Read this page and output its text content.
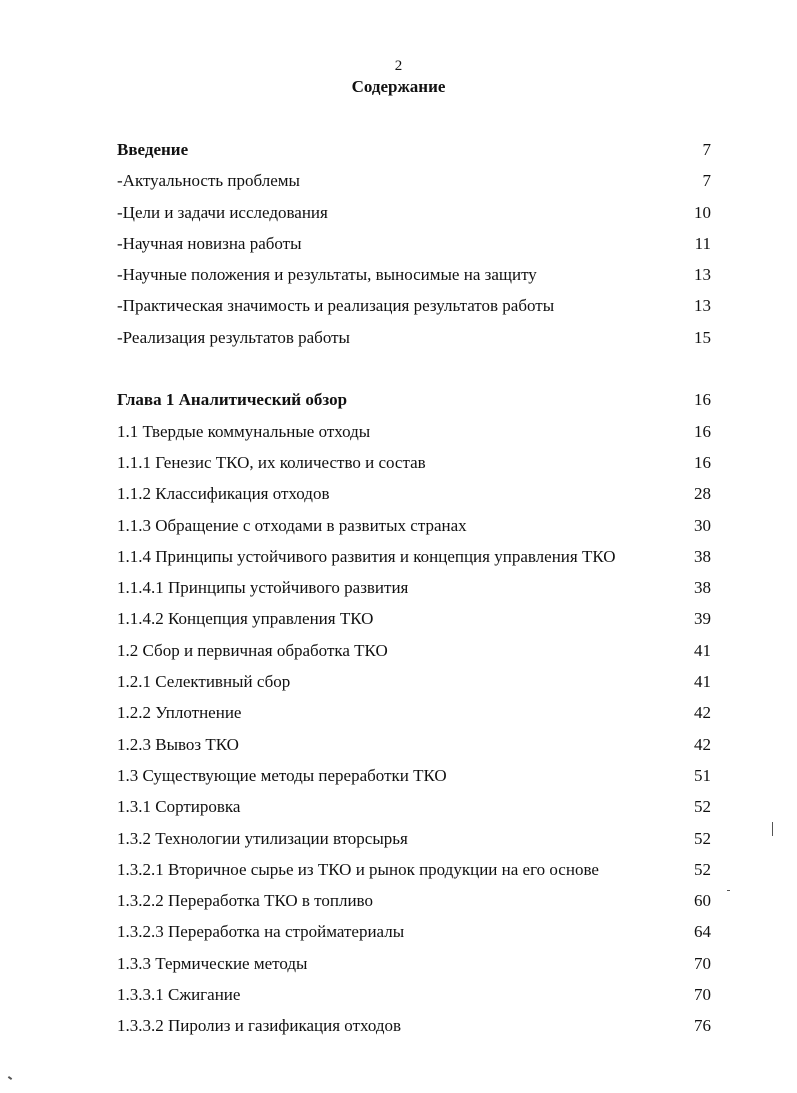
2
Содержание
Введение	7
-Актуальность проблемы	7
-Цели и задачи исследования	10
-Научная новизна работы	11
-Научные положения и результаты, выносимые на защиту	13
-Практическая значимость и реализация результатов работы	13
-Реализация результатов работы	15
Глава 1 Аналитический обзор	16
1.1 Твердые коммунальные отходы	16
1.1.1 Генезис ТКО, их количество и состав	16
1.1.2 Классификация отходов	28
1.1.3 Обращение с отходами в развитых странах	30
1.1.4 Принципы устойчивого развития и концепция управления ТКО	38
1.1.4.1 Принципы устойчивого развития	38
1.1.4.2 Концепция управления ТКО	39
1.2 Сбор и первичная обработка ТКО	41
1.2.1 Селективный сбор	41
1.2.2 Уплотнение	42
1.2.3 Вывоз ТКО	42
1.3 Существующие методы переработки ТКО	51
1.3.1 Сортировка	52
1.3.2 Технологии утилизации вторсырья	52
1.3.2.1 Вторичное сырье из ТКО и рынок продукции на его основе	52
1.3.2.2 Переработка ТКО в топливо	60
1.3.2.3 Переработка на стройматериалы	64
1.3.3 Термические методы	70
1.3.3.1 Сжигание	70
1.3.3.2 Пиролиз и газификация отходов	76
